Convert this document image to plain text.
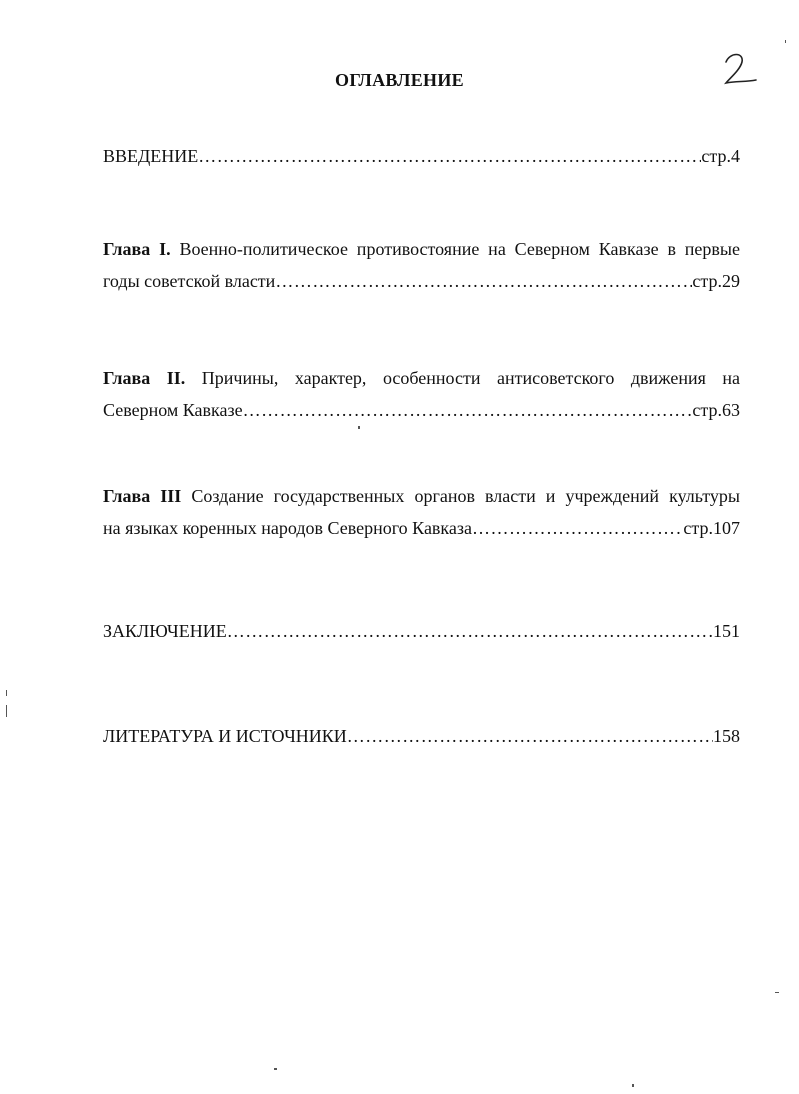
ОГЛАВЛЕНИЕ
ВВЕДЕНИЕ …………………………………………………………………………………………………………………………………………………………………	стр.4
Глава I. Военно-политическое противостояние на Северном Кавказе в первые
годы советской власти …………………………………………………………………………………………………………………………………………………………………	стр.29
Глава II. Причины, характер, особенности антисоветского движения на
Северном Кавказе …………………………………………………………………………………………………………………………………………………………………	стр.63
Глава III Создание государственных органов власти и учреждений культуры
на языках коренных народов Северного Кавказа …………………………………………………………………………………………………………………………………………………………………	стр.107
ЗАКЛЮЧЕНИЕ …………………………………………………………………………………………………………………………………………………………………	151
ЛИТЕРАТУРА И ИСТОЧНИКИ …………………………………………………………………………………………………………………………………………………………………	158
